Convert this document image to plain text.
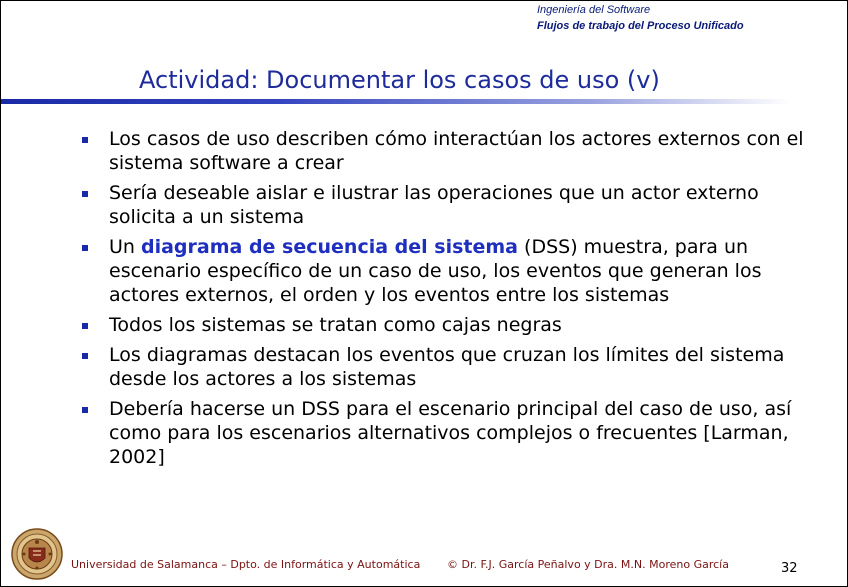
Ingeniería del Software
Flujos de trabajo del Proceso Unificado
Actividad: Documentar los casos de uso (v)
Los casos de uso describen cómo interactúan los actores externos con el sistema software a crear
Sería deseable aislar e ilustrar las operaciones que un actor externo solicita a un sistema
Un diagrama de secuencia del sistema (DSS) muestra, para un escenario específico de un caso de uso, los eventos que generan los actores externos, el orden y los eventos entre los sistemas
Todos los sistemas se tratan como cajas negras
Los diagramas destacan los eventos que cruzan los límites del sistema desde los actores a los sistemas
Debería hacerse un DSS para el escenario principal del caso de uso, así como para los escenarios alternativos complejos o frecuentes [Larman, 2002]
Universidad de Salamanca – Dpto. de Informática y Automática © Dr. F.J. García Peñalvo y Dra. M.N. Moreno García	32
